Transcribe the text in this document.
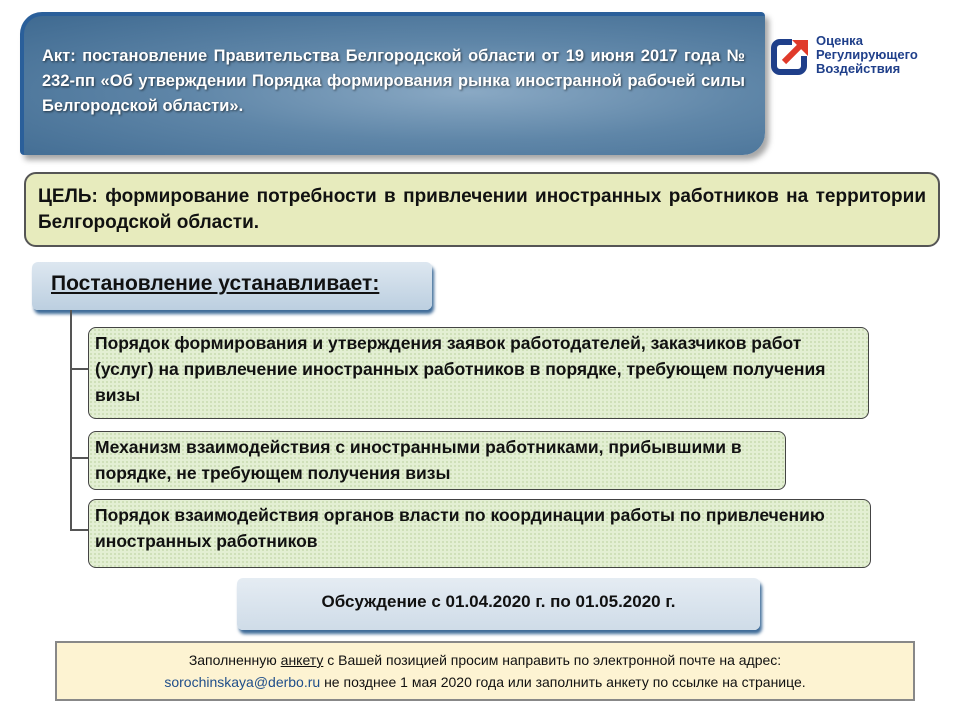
Акт: постановление Правительства Белгородской области от 19 июня 2017 года № 232-пп «Об утверждении Порядка формирования рынка иностранной рабочей силы Белгородской области».
Оценка
Регулирующего
Воздействия
ЦЕЛЬ: формирование потребности в привлечении иностранных работников на территории Белгородской области.
Постановление устанавливает:
Порядок формирования и утверждения заявок работодателей, заказчиков работ (услуг) на привлечение иностранных работников в порядке, требующем получения визы
Механизм взаимодействия с иностранными работниками, прибывшими в порядке, не требующем получения визы
Порядок взаимодействия органов власти по координации работы по привлечению иностранных работников
Обсуждение с 01.04.2020 г. по 01.05.2020 г.
Заполненную анкету с Вашей позицией просим направить по электронной почте на адрес:
sorochinskaya@derbo.ru не позднее 1 мая 2020 года или заполнить анкету по ссылке на странице.
